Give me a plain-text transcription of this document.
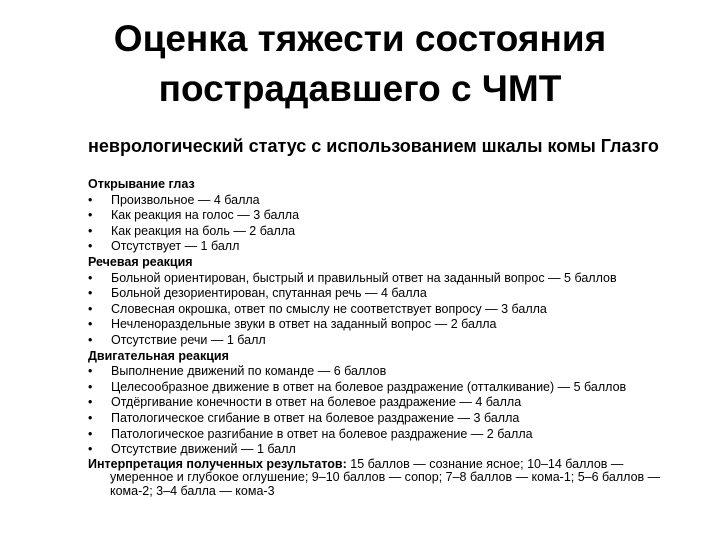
Оценка тяжести состояния
пострадавшего с ЧМТ
неврологический статус с использованием шкалы комы Глазго
Открывание глаз
• Произвольное — 4 балла
• Как реакция на голос — 3 балла
• Как реакция на боль — 2 балла
• Отсутствует — 1 балл
Речевая реакция
• Больной ориентирован, быстрый и правильный ответ на заданный вопрос — 5 баллов
• Больной дезориентирован, спутанная речь — 4 балла
• Словесная окрошка, ответ по смыслу не соответствует вопросу — 3 балла
• Нечленораздельные звуки в ответ на заданный вопрос — 2 балла
• Отсутствие речи — 1 балл
Двигательная реакция
• Выполнение движений по команде — 6 баллов
• Целесообразное движение в ответ на болевое раздражение (отталкивание) — 5 баллов
• Отдёргивание конечности в ответ на болевое раздражение — 4 балла
• Патологическое сгибание в ответ на болевое раздражение — 3 балла
• Патологическое разгибание в ответ на болевое раздражение — 2 балла
• Отсутствие движений — 1 балл
Интерпретация полученных результатов: 15 баллов — сознание ясное; 10–14 баллов — умеренное и глубокое оглушение; 9–10 баллов — сопор; 7–8 баллов — кома-1; 5–6 баллов — кома-2; 3–4 балла — кома-3
